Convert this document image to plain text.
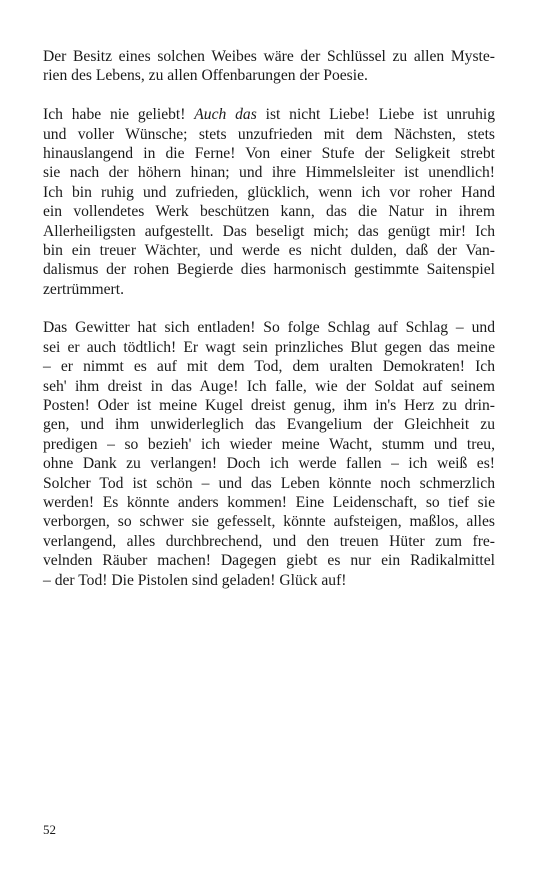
Der Besitz eines solchen Weibes wäre der Schlüssel zu allen Myste-
rien des Lebens, zu allen Offenbarungen der Poesie.
Ich habe nie geliebt! Auch das ist nicht Liebe! Liebe ist unruhig
und voller Wünsche; stets unzufrieden mit dem Nächsten, stets
hinauslangend in die Ferne! Von einer Stufe der Seligkeit strebt
sie nach der höhern hinan; und ihre Himmelsleiter ist unendlich!
Ich bin ruhig und zufrieden, glücklich, wenn ich vor roher Hand
ein vollendetes Werk beschützen kann, das die Natur in ihrem
Allerheiligsten aufgestellt. Das beseligt mich; das genügt mir! Ich
bin ein treuer Wächter, und werde es nicht dulden, daß der Van-
dalismus der rohen Begierde dies harmonisch gestimmte Saitenspiel
zertrümmert.
Das Gewitter hat sich entladen! So folge Schlag auf Schlag – und
sei er auch tödtlich! Er wagt sein prinzliches Blut gegen das meine
– er nimmt es auf mit dem Tod, dem uralten Demokraten! Ich
seh' ihm dreist in das Auge! Ich falle, wie der Soldat auf seinem
Posten! Oder ist meine Kugel dreist genug, ihm in's Herz zu drin-
gen, und ihm unwiderleglich das Evangelium der Gleichheit zu
predigen – so bezieh' ich wieder meine Wacht, stumm und treu,
ohne Dank zu verlangen! Doch ich werde fallen – ich weiß es!
Solcher Tod ist schön – und das Leben könnte noch schmerzlich
werden! Es könnte anders kommen! Eine Leidenschaft, so tief sie
verborgen, so schwer sie gefesselt, könnte aufsteigen, maßlos, alles
verlangend, alles durchbrechend, und den treuen Hüter zum fre-
velnden Räuber machen! Dagegen giebt es nur ein Radikalmittel
– der Tod! Die Pistolen sind geladen! Glück auf!
52
